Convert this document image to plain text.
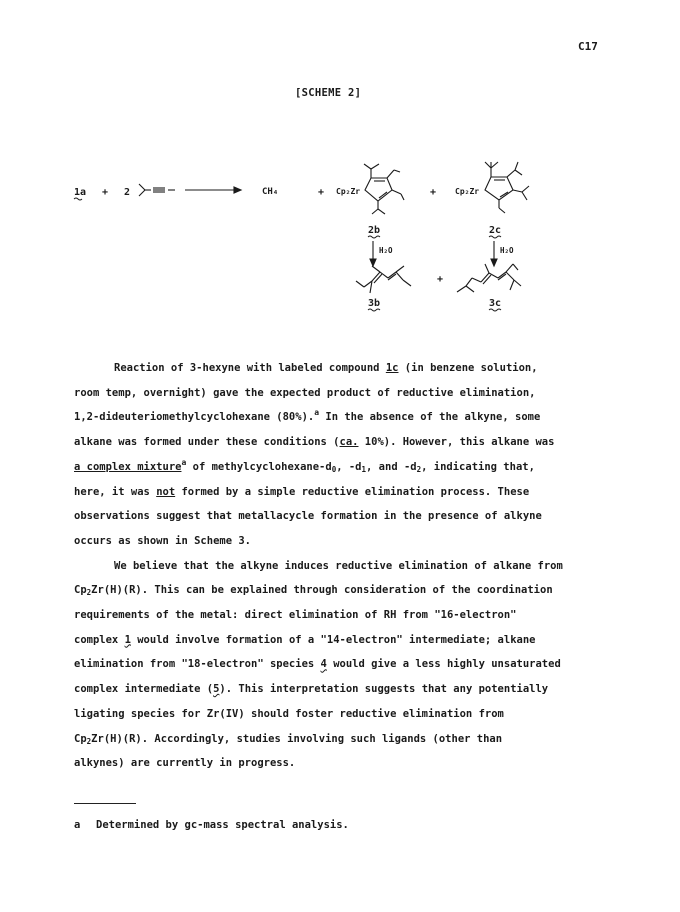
C17
[SCHEME 2]
1a + 2	CH₄	+ Cp₂Zr
2b
+ Cp₂Zr
2c
H₂O	H₂O
3b
+
3c
Reaction of 3-hexyne with labeled compound 1c (in benzene solution,
room temp, overnight) gave the expected product of reductive elimination,
1,2-dideuteriomethylcyclohexane (80%).$^a$ In the absence of the alkyne, some
alkane was formed under these conditions (ca. 10%). However, this alkane was
a complex mixture$^a$ of methylcyclohexane-$d_0$, $-d_1$, and $-d_2$, indicating that,
here, it was not formed by a simple reductive elimination process. These
observations suggest that metallacycle formation in the presence of alkyne
occurs as shown in Scheme 3.
We believe that the alkyne induces reductive elimination of alkane from
$Cp_2Zr(H)(R)$. This can be explained through consideration of the coordination
requirements of the metal: direct elimination of RH from "16-electron"
complex 1 would involve formation of a "14-electron" intermediate; alkane
elimination from "18-electron" species 4 would give a less highly unsaturated
complex intermediate (5). This interpretation suggests that any potentially
ligating species for Zr(IV) should foster reductive elimination from
$Cp_2Zr(H)(R)$. Accordingly, studies involving such ligands (other than
alkynes) are currently in progress.
a Determined by gc-mass spectral analysis.
